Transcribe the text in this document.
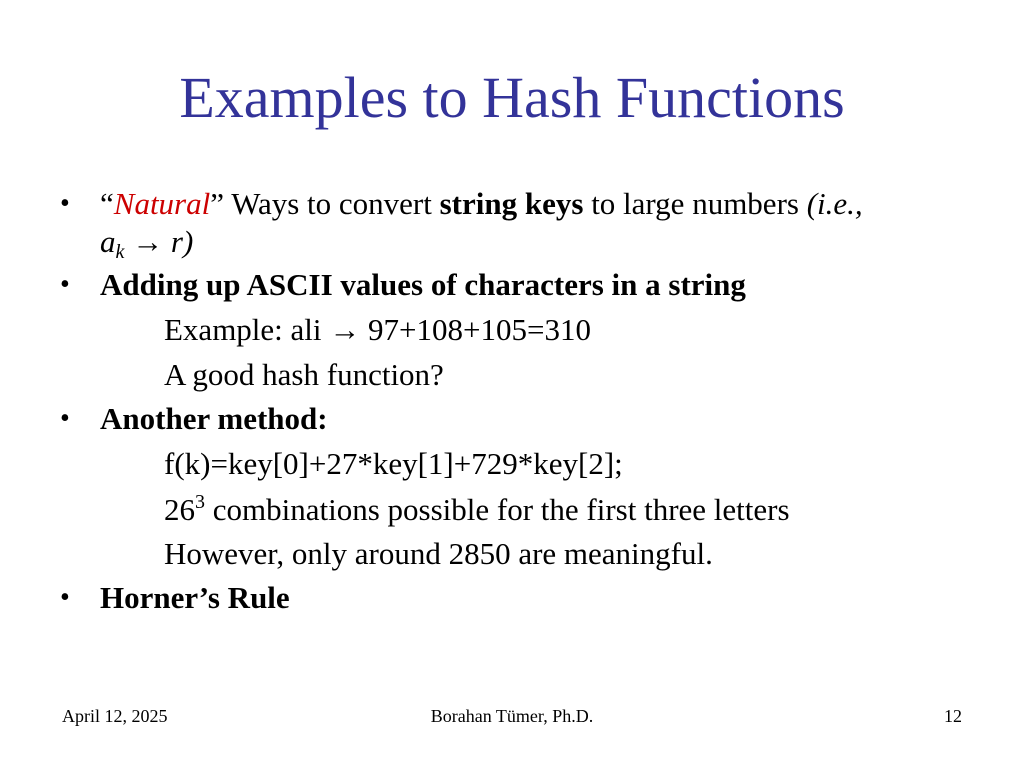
Examples to Hash Functions
• “Natural” Ways to convert string keys to large numbers (i.e.,
$a_k \to r$)
• Adding up ASCII values of characters in a string
Example: ali → 97+108+105=310
A good hash function?
• Another method:
f(k)=key[0]+27*key[1]+729*key[2];
$26^3$ combinations possible for the first three letters
However, only around 2850 are meaningful.
• Horner’s Rule
April 12, 2025	Borahan Tümer, Ph.D.	12
